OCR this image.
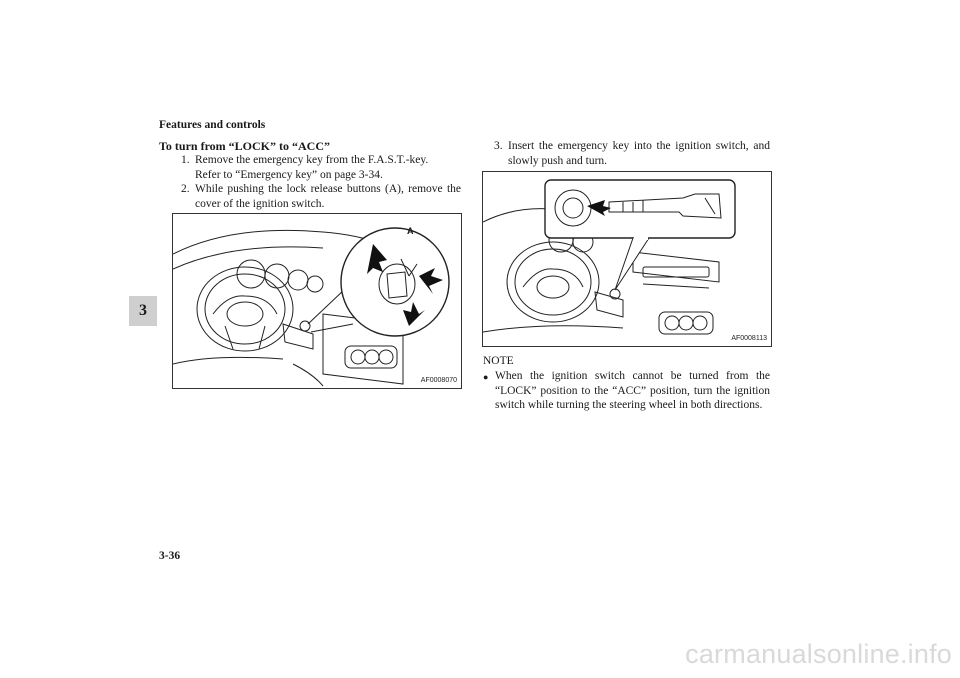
Features and controls
3
To turn from “LOCK” to “ACC”
1. Remove the emergency key from the F.A.S.T.-key.
Refer to “Emergency key” on page 3-34.
2. While pushing the lock release buttons (A), remove the
cover of the ignition switch.
A
AF0008070
3. Insert the emergency key into the ignition switch, and
slowly push and turn.
AF0008113
NOTE
● When the ignition switch cannot be turned from the
“LOCK” position to the “ACC” position, turn the ignition
switch while turning the steering wheel in both directions.
3-36
carmanualsonline.info
